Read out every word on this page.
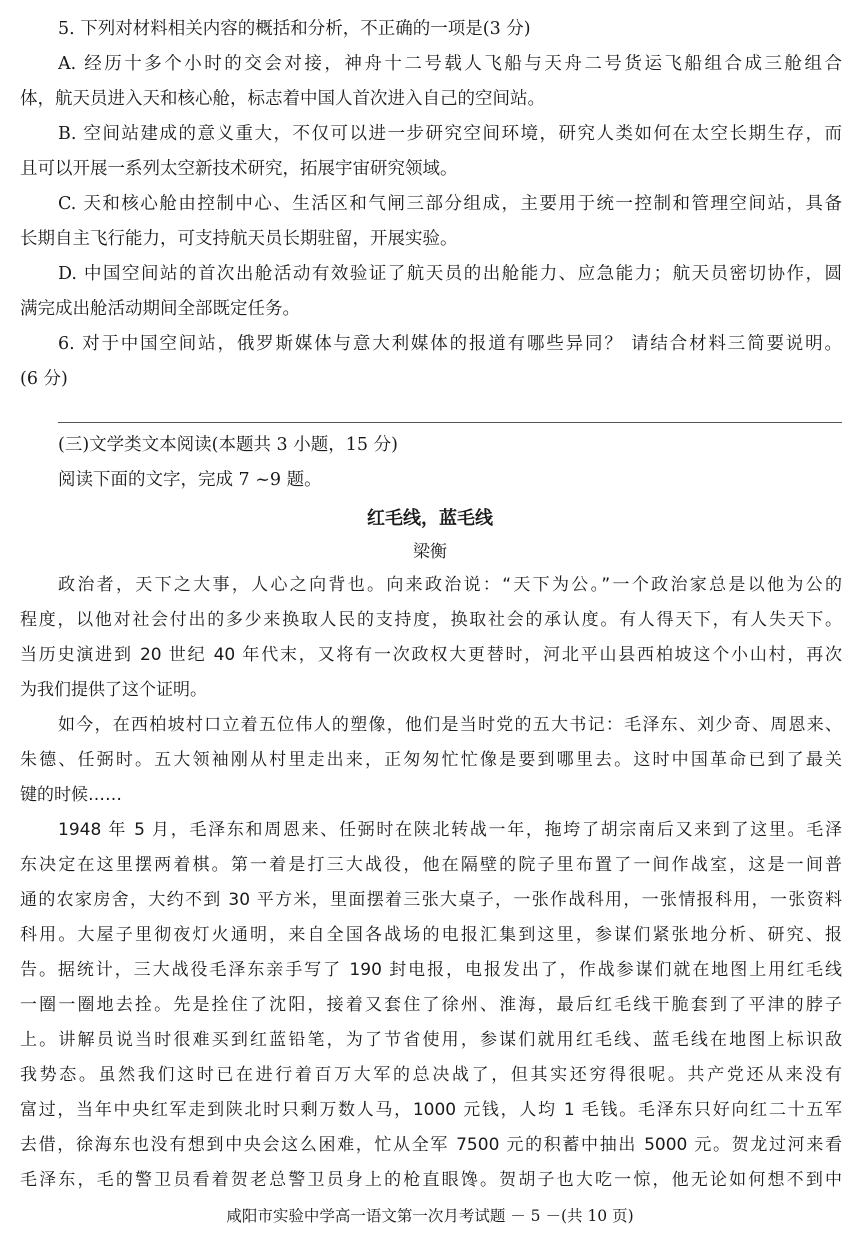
5. 下列对材料相关内容的概括和分析，不正确的一项是(3 分)
A. 经历十多个小时的交会对接，神舟十二号载人飞船与天舟二号货运飞船组合成三舱组合
体，航天员进入天和核心舱，标志着中国人首次进入自己的空间站。
B. 空间站建成的意义重大，不仅可以进一步研究空间环境，研究人类如何在太空长期生存，而
且可以开展一系列太空新技术研究，拓展宇宙研究领域。
C. 天和核心舱由控制中心、生活区和气闸三部分组成，主要用于统一控制和管理空间站，具备
长期自主飞行能力，可支持航天员长期驻留，开展实验。
D. 中国空间站的首次出舱活动有效验证了航天员的出舱能力、应急能力；航天员密切协作，圆
满完成出舱活动期间全部既定任务。
6. 对于中国空间站，俄罗斯媒体与意大利媒体的报道有哪些异同？ 请结合材料三简要说明。
(6 分)
(三)文学类文本阅读(本题共 3 小题，15 分)
阅读下面的文字，完成 7 ~9 题。
红毛线，蓝毛线
梁衡
政治者，天下之大事，人心之向背也。向来政治说：“天下为公。”一个政治家总是以他为公的
程度，以他对社会付出的多少来换取人民的支持度，换取社会的承认度。有人得天下，有人失天下。
当历史演进到 20 世纪 40 年代末，又将有一次政权大更替时，河北平山县西柏坡这个小山村，再次
为我们提供了这个证明。
如今，在西柏坡村口立着五位伟人的塑像，他们是当时党的五大书记：毛泽东、刘少奇、周恩来、
朱德、任弼时。五大领袖刚从村里走出来，正匆匆忙忙像是要到哪里去。这时中国革命已到了最关
键的时候……
1948 年 5 月，毛泽东和周恩来、任弼时在陕北转战一年，拖垮了胡宗南后又来到了这里。毛泽
东决定在这里摆两着棋。第一着是打三大战役，他在隔壁的院子里布置了一间作战室，这是一间普
通的农家房舍，大约不到 30 平方米，里面摆着三张大桌子，一张作战科用，一张情报科用，一张资料
科用。大屋子里彻夜灯火通明，来自全国各战场的电报汇集到这里，参谋们紧张地分析、研究、报
告。据统计，三大战役毛泽东亲手写了 190 封电报，电报发出了，作战参谋们就在地图上用红毛线
一圈一圈地去拴。先是拴住了沈阳，接着又套住了徐州、淮海，最后红毛线干脆套到了平津的脖子
上。讲解员说当时很难买到红蓝铅笔，为了节省使用，参谋们就用红毛线、蓝毛线在地图上标识敌
我势态。虽然我们这时已在进行着百万大军的总决战了，但其实还穷得很呢。共产党还从来没有
富过，当年中央红军走到陕北时只剩万数人马，1000 元钱，人均 1 毛钱。毛泽东只好向红二十五军
去借，徐海东也没有想到中央会这么困难，忙从全军 7500 元的积蓄中抽出 5000 元。贺龙过河来看
毛泽东，毛的警卫员看着贺老总警卫员身上的枪直眼馋。贺胡子也大吃一惊，他无论如何想不到中
咸阳市实验中学高一语文第一次月考试题 － 5 －(共 10 页)
